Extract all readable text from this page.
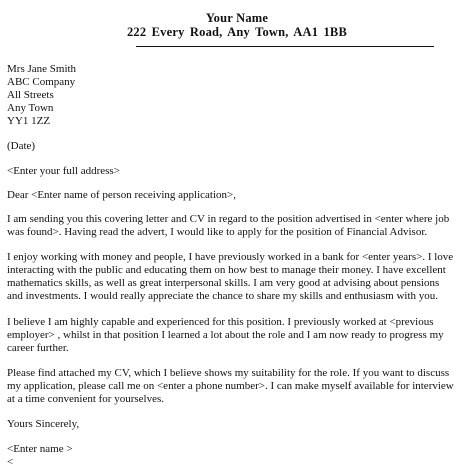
Your Name
222 Every Road, Any Town, AA1 1BB
Mrs Jane Smith
ABC Company
All Streets
Any Town
YY1 1ZZ
(Date)
<Enter your full address>
Dear <Enter name of person receiving application>,
I am sending you this covering letter and CV in regard to the position advertised in <enter where job
was found>. Having read the advert, I would like to apply for the position of Financial Advisor.
I enjoy working with money and people, I have previously worked in a bank for <enter years>. I love
interacting with the public and educating them on how best to manage their money. I have excellent
mathematics skills, as well as great interpersonal skills. I am very good at advising about pensions
and investments. I would really appreciate the chance to share my skills and enthusiasm with you.
I believe I am highly capable and experienced for this position. I previously worked at <previous
employer> , whilst in that position I learned a lot about the role and I am now ready to progress my
career further.
Please find attached my CV, which I believe shows my suitability for the role. If you want to discuss
my application, please call me on <enter a phone number>. I can make myself available for interview
at a time convenient for yourselves.
Yours Sincerely,
<Enter name >
<
